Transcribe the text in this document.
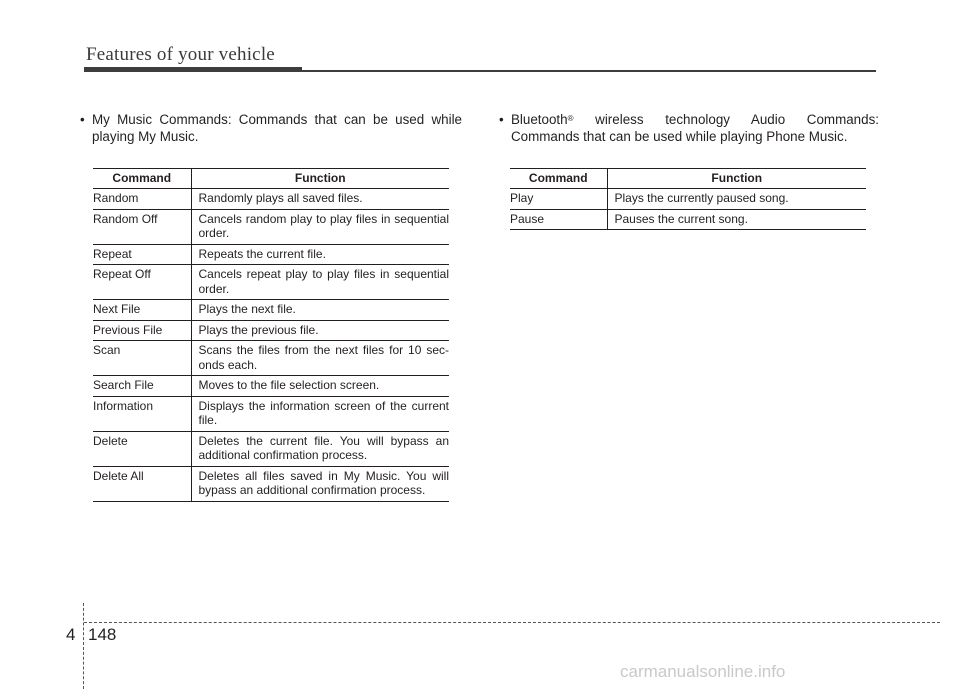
Features of your vehicle
• My Music Commands: Commands that can be used while
playing My Music.
Command	Function
Random	Randomly plays all saved files.
Random Off	Cancels random play to play files in sequential order.
Repeat	Repeats the current file.
Repeat Off	Cancels repeat play to play files in sequential order.
Next File	Plays the next file.
Previous File	Plays the previous file.
Scan	Scans the files from the next files for 10 sec-onds each.
Search File	Moves to the file selection screen.
Information	Displays the information screen of the current file.
Delete	Deletes the current file. You will bypass an additional confirmation process.
Delete All	Deletes all files saved in My Music. You will bypass an additional confirmation process.
• Bluetooth® wireless technology Audio Commands:
Commands that can be used while playing Phone Music.
Command	Function
Play	Plays the currently paused song.
Pause	Pauses the current song.
4 148
carmanualsonline.info
